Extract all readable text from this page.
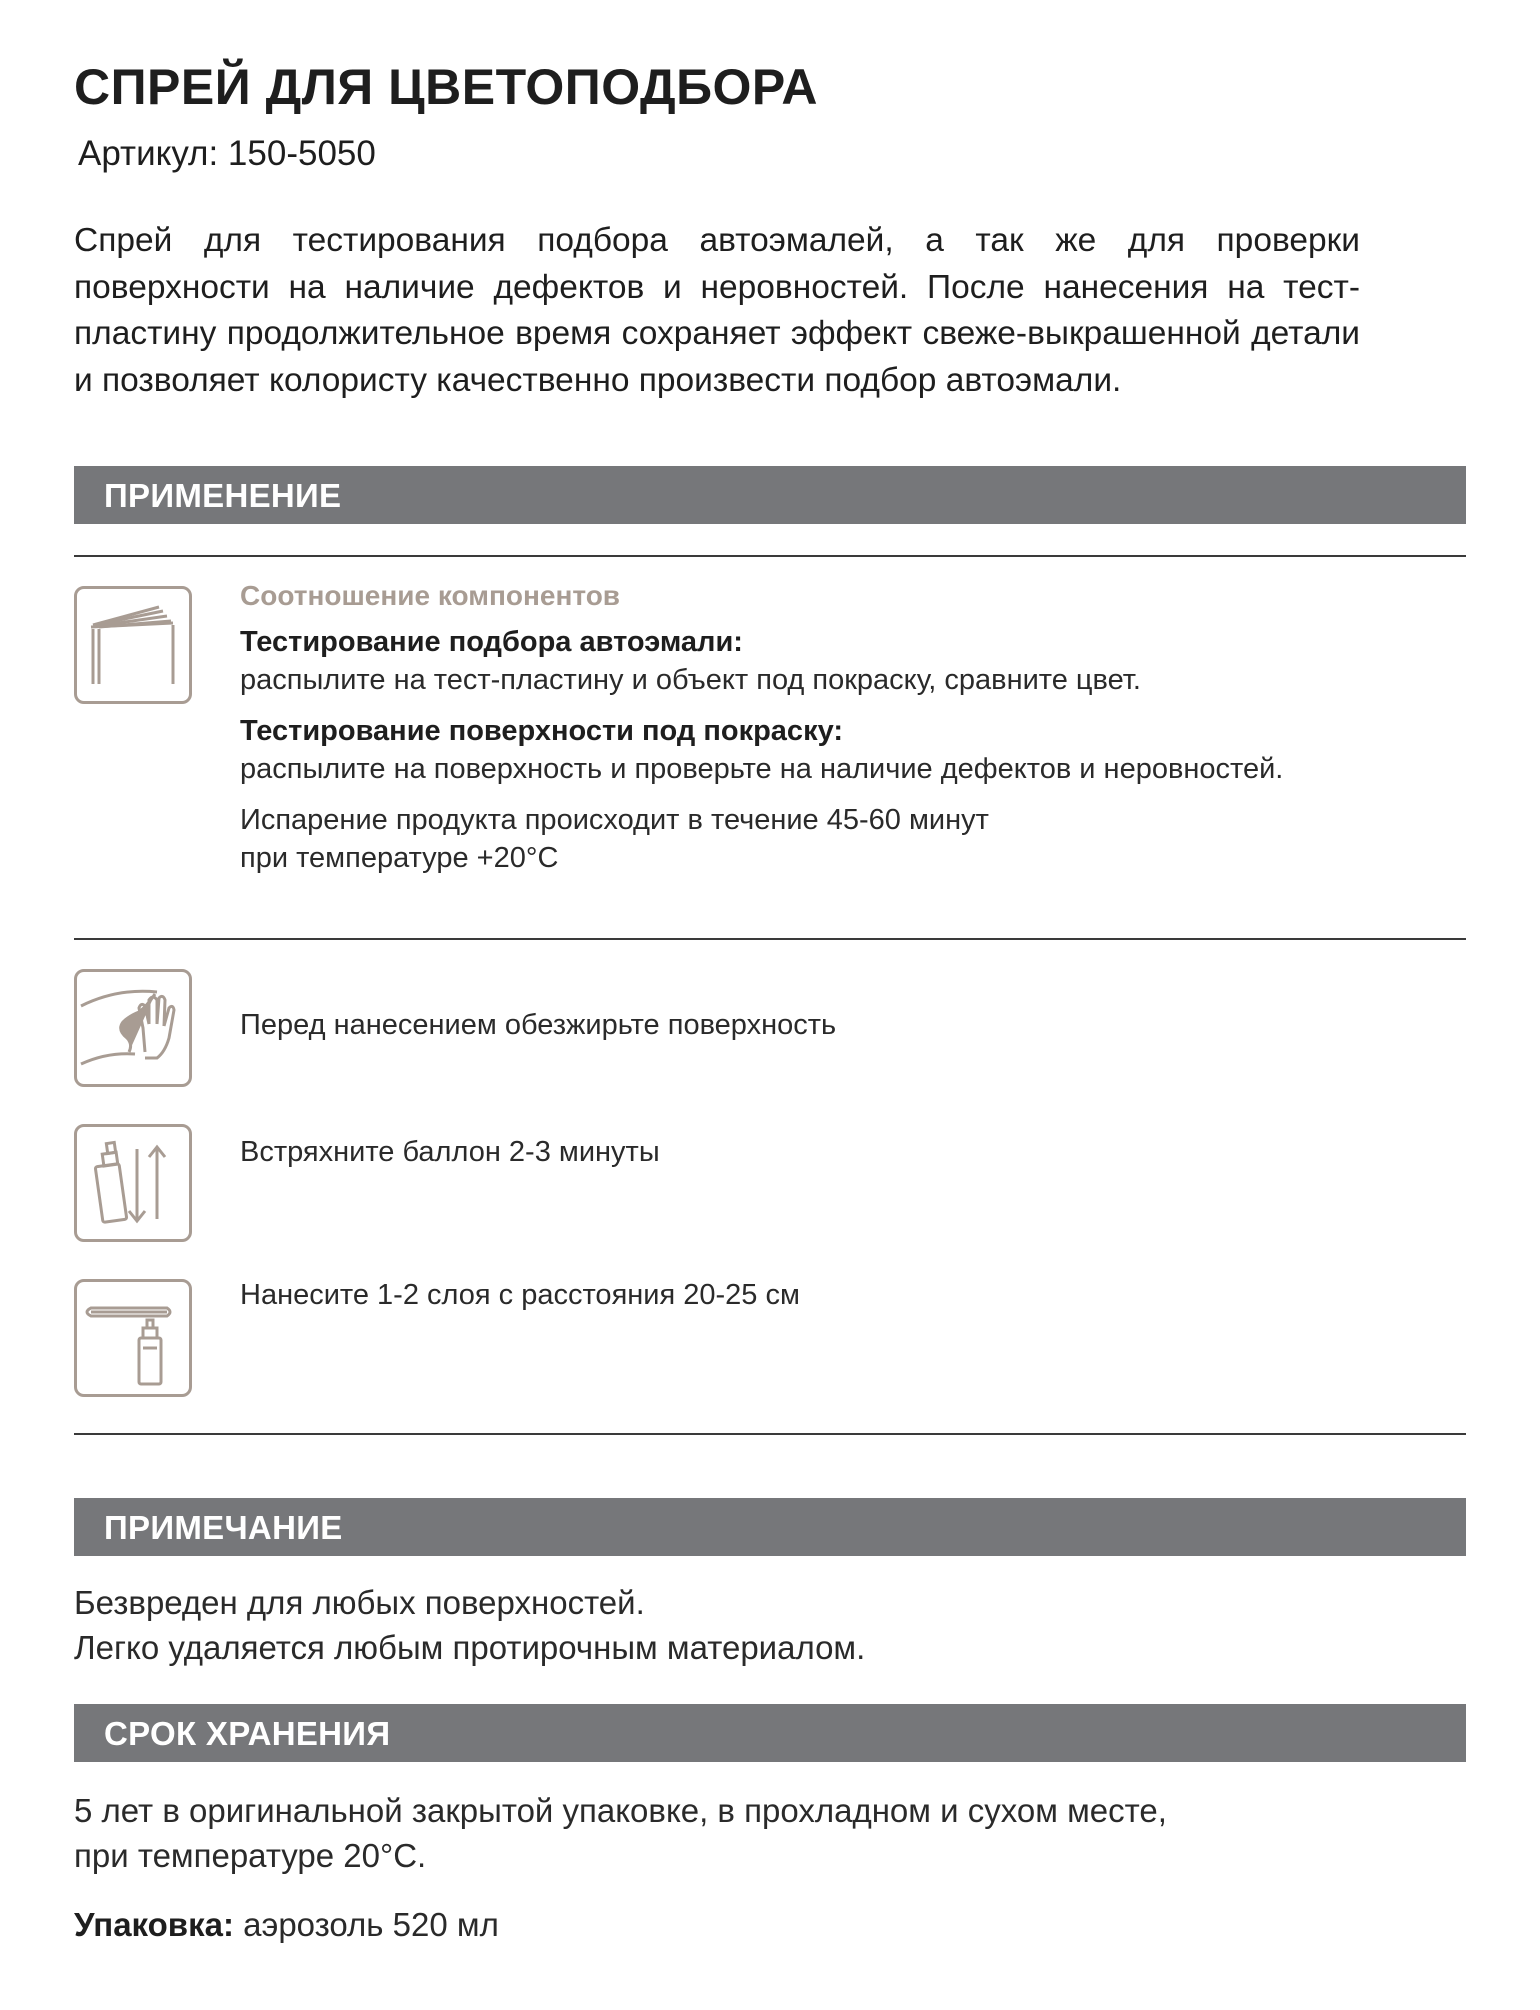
СПРЕЙ ДЛЯ ЦВЕТОПОДБОРА
Артикул: 150-5050
Спрей для тестирования подбора автоэмалей, а так же для проверки поверхности на наличие дефектов и неровностей. После нанесения на тест-пластину продолжительное время сохраняет эффект свеже-выкрашенной детали и позволяет колористу качественно произвести подбор автоэмали.
ПРИМЕНЕНИЕ
Соотношение компонентов
Тестирование подбора автоэмали:
распылите на тест-пластину и объект под покраску, сравните цвет.
Тестирование поверхности под покраску:
распылите на поверхность и проверьте на наличие дефектов и неровностей.
Испарение продукта происходит в течение 45-60 минут
при температуре +20°С
Перед нанесением обезжирьте поверхность
Встряхните баллон 2-3 минуты
Нанесите 1-2 слоя с расстояния 20-25 см
ПРИМЕЧАНИЕ
Безвреден для любых поверхностей.
Легко удаляется любым протирочным материалом.
СРОК ХРАНЕНИЯ
5 лет в оригинальной закрытой упаковке, в прохладном и сухом месте,
при температуре 20°С.
Упаковка: аэрозоль 520 мл
